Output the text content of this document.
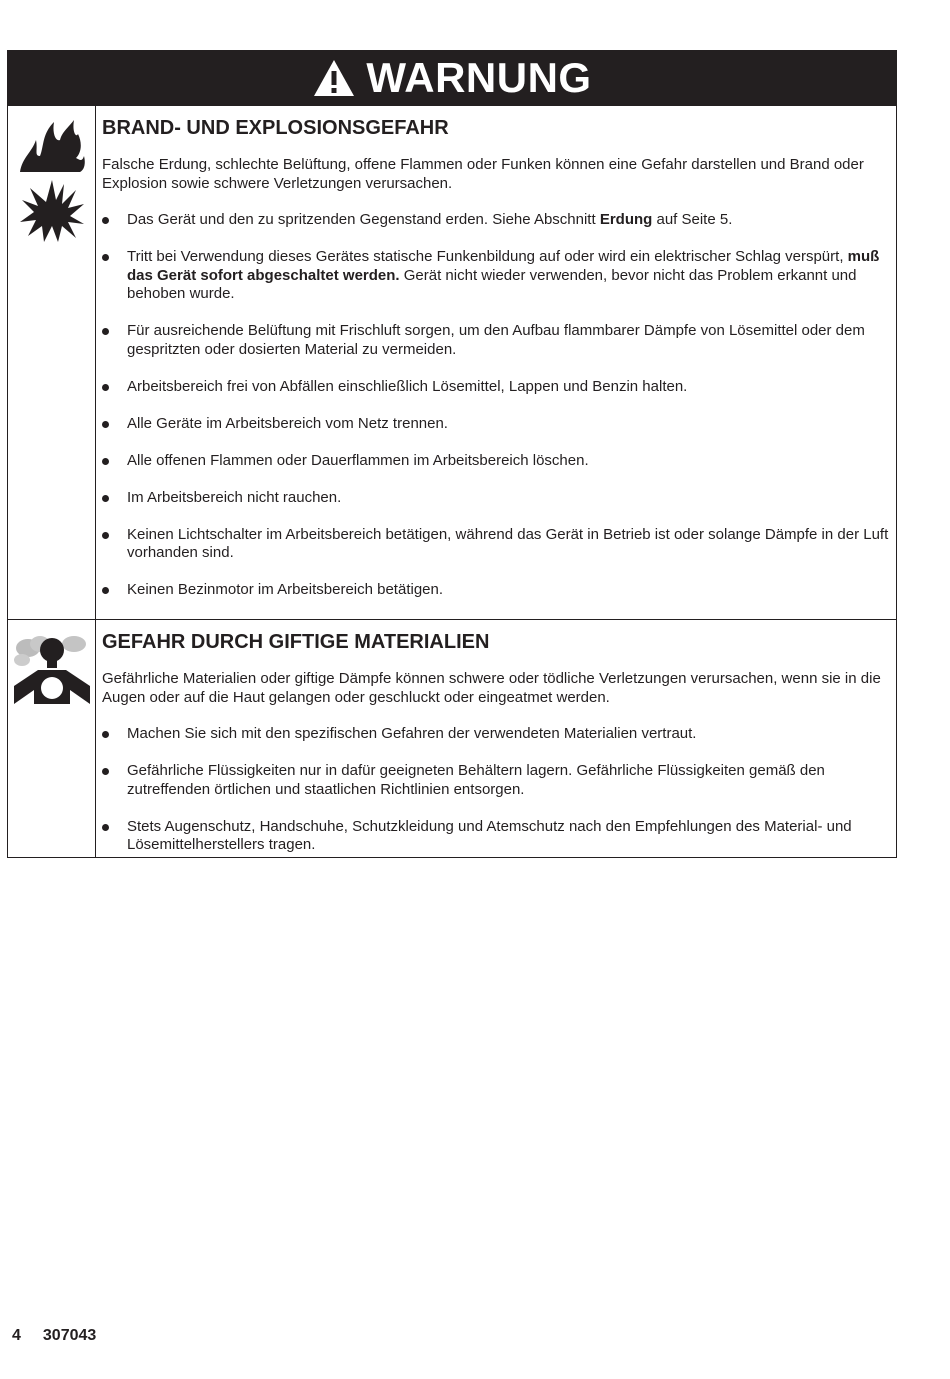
WARNUNG
BRAND- UND EXPLOSIONSGEFAHR

Falsche Erdung, schlechte Belüftung, offene Flammen oder Funken können eine Gefahr darstellen und Brand oder Explosion sowie schwere Verletzungen verursachen.

Das Gerät und den zu spritzenden Gegenstand erden. Siehe Abschnitt Erdung auf Seite 5.
Tritt bei Verwendung dieses Gerätes statische Funkenbildung auf oder wird ein elektrischer Schlag verspürt, muß das Gerät sofort abgeschaltet werden. Gerät nicht wieder verwenden, bevor nicht das Problem erkannt und behoben wurde.
Für ausreichende Belüftung mit Frischluft sorgen, um den Aufbau flammbarer Dämpfe von Lösemittel oder dem gespritzten oder dosierten Material zu vermeiden.
Arbeitsbereich frei von Abfällen einschließlich Lösemittel, Lappen und Benzin halten.
Alle Geräte im Arbeitsbereich vom Netz trennen.
Alle offenen Flammen oder Dauerflammen im Arbeitsbereich löschen.
Im Arbeitsbereich nicht rauchen.
Keinen Lichtschalter im Arbeitsbereich betätigen, während das Gerät in Betrieb ist oder solange Dämpfe in der Luft vorhanden sind.
Keinen Bezinmotor im Arbeitsbereich betätigen.
GEFAHR DURCH GIFTIGE MATERIALIEN

Gefährliche Materialien oder giftige Dämpfe können schwere oder tödliche Verletzungen verursachen, wenn sie in die Augen oder auf die Haut gelangen oder geschluckt oder eingeatmet werden.

Machen Sie sich mit den spezifischen Gefahren der verwendeten Materialien vertraut.
Gefährliche Flüssigkeiten nur in dafür geeigneten Behältern lagern. Gefährliche Flüssigkeiten gemäß den zutreffenden örtlichen und staatlichen Richtlinien entsorgen.
Stets Augenschutz, Handschuhe, Schutzkleidung und Atemschutz nach den Empfehlungen des Material- und Lösemittelherstellers tragen.
4 307043
